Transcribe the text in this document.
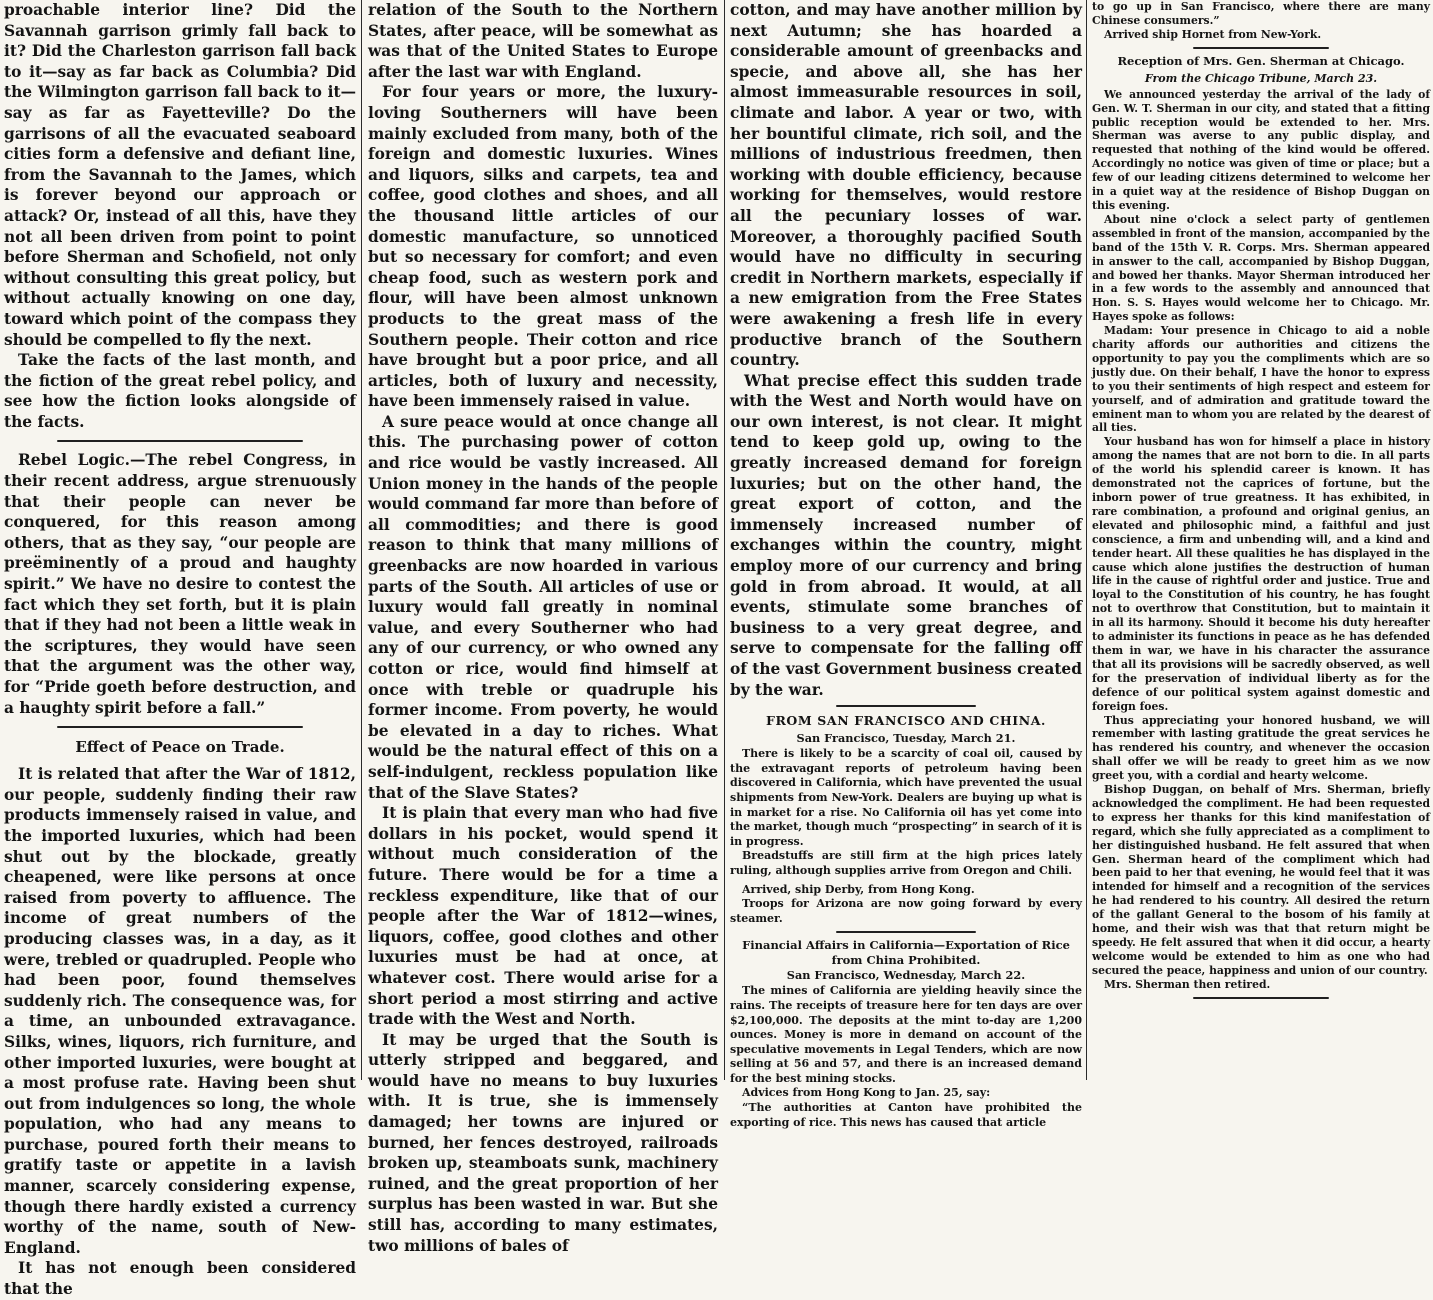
proachable interior line? Did the Savannah garrison grimly fall back to it? Did the Charleston garrison fall back to it—say as far back as Columbia? Did the Wilmington garrison fall back to it—say as far as Fayetteville? Do the garrisons of all the evacuated seaboard cities form a defensive and defiant line, from the Savannah to the James, which is forever beyond our approach or attack? Or, instead of all this, have they not all been driven from point to point before Sherman and Schofield, not only without consulting this great policy, but without actually knowing on one day, toward which point of the compass they should be compelled to fly the next.

Take the facts of the last month, and the fiction of the great rebel policy, and see how the fiction looks alongside of the facts.

Rebel Logic.—The rebel Congress, in their recent address, argue strenuously that their people can never be conquered, for this reason among others, that as they say, “our people are preëminently of a proud and haughty spirit.” We have no desire to contest the fact which they set forth, but it is plain that if they had not been a little weak in the scriptures, they would have seen that the argument was the other way, for “Pride goeth before destruction, and a haughty spirit before a fall.”

Effect of Peace on Trade.

It is related that after the War of 1812, our people, suddenly finding their raw products immensely raised in value, and the imported luxuries, which had been shut out by the blockade, greatly cheapened, were like persons at once raised from poverty to affluence. The income of great numbers of the producing classes was, in a day, as it were, trebled or quadrupled. People who had been poor, found themselves suddenly rich. The consequence was, for a time, an unbounded extravagance. Silks, wines, liquors, rich furniture, and other imported luxuries, were bought at a most profuse rate. Having been shut out from indulgences so long, the whole population, who had any means to purchase, poured forth their means to gratify taste or appetite in a lavish manner, scarcely considering expense, though there hardly existed a currency worthy of the name, south of New-England.

It has not enough been considered that the

relation of the South to the Northern States, after peace, will be somewhat as was that of the United States to Europe after the last war with England.

For four years or more, the luxury-loving Southerners will have been mainly excluded from many, both of the foreign and domestic luxuries. Wines and liquors, silks and carpets, tea and coffee, good clothes and shoes, and all the thousand little articles of our domestic manufacture, so unnoticed but so necessary for comfort; and even cheap food, such as western pork and flour, will have been almost unknown products to the great mass of the Southern people. Their cotton and rice have brought but a poor price, and all articles, both of luxury and necessity, have been immensely raised in value.

A sure peace would at once change all this. The purchasing power of cotton and rice would be vastly increased. All Union money in the hands of the people would command far more than before of all commodities; and there is good reason to think that many millions of greenbacks are now hoarded in various parts of the South. All articles of use or luxury would fall greatly in nominal value, and every Southerner who had any of our currency, or who owned any cotton or rice, would find himself at once with treble or quadruple his former income. From poverty, he would be elevated in a day to riches. What would be the natural effect of this on a self-indulgent, reckless population like that of the Slave States?

It is plain that every man who had five dollars in his pocket, would spend it without much consideration of the future. There would be for a time a reckless expenditure, like that of our people after the War of 1812—wines, liquors, coffee, good clothes and other luxuries must be had at once, at whatever cost. There would arise for a short period a most stirring and active trade with the West and North.

It may be urged that the South is utterly stripped and beggared, and would have no means to buy luxuries with. It is true, she is immensely damaged; her towns are injured or burned, her fences destroyed, railroads broken up, steamboats sunk, machinery ruined, and the great proportion of her surplus has been wasted in war. But she still has, according to many estimates, two millions of bales of

cotton, and may have another million by next Autumn; she has hoarded a considerable amount of greenbacks and specie, and above all, she has her almost immeasurable resources in soil, climate and labor. A year or two, with her bountiful climate, rich soil, and the millions of industrious freedmen, then working with double efficiency, because working for themselves, would restore all the pecuniary losses of war. Moreover, a thoroughly pacified South would have no difficulty in securing credit in Northern markets, especially if a new emigration from the Free States were awakening a fresh life in every productive branch of the Southern country.

What precise effect this sudden trade with the West and North would have on our own interest, is not clear. It might tend to keep gold up, owing to the greatly increased demand for foreign luxuries; but on the other hand, the great export of cotton, and the immensely increased number of exchanges within the country, might employ more of our currency and bring gold in from abroad. It would, at all events, stimulate some branches of business to a very great degree, and serve to compensate for the falling off of the vast Government business created by the war.

FROM SAN FRANCISCO AND CHINA.
San Francisco, Tuesday, March 21.

There is likely to be a scarcity of coal oil, caused by the extravagant reports of petroleum having been discovered in California, which have prevented the usual shipments from New-York. Dealers are buying up what is in market for a rise. No California oil has yet come into the market, though much “prospecting” in search of it is in progress.

Breadstuffs are still firm at the high prices lately ruling, although supplies arrive from Oregon and Chili.

Arrived, ship Derby, from Hong Kong.

Troops for Arizona are now going forward by every steamer.

Financial Affairs in California—Exportation of Rice from China Prohibited.
San Francisco, Wednesday, March 22.

The mines of California are yielding heavily since the rains. The receipts of treasure here for ten days are over $2,100,000. The deposits at the mint to-day are 1,200 ounces. Money is more in demand on account of the speculative movements in Legal Tenders, which are now selling at 56 and 57, and there is an increased demand for the best mining stocks.

Advices from Hong Kong to Jan. 25, say:

“The authorities at Canton have prohibited the exporting of rice. This news has caused that article

to go up in San Francisco, where there are many Chinese consumers.”

Arrived ship Hornet from New-York.

Reception of Mrs. Gen. Sherman at Chicago.
From the Chicago Tribune, March 23.

We announced yesterday the arrival of the lady of Gen. W. T. Sherman in our city, and stated that a fitting public reception would be extended to her. Mrs. Sherman was averse to any public display, and requested that nothing of the kind would be offered. Accordingly no notice was given of time or place; but a few of our leading citizens determined to welcome her in a quiet way at the residence of Bishop Duggan on this evening.

About nine o'clock a select party of gentlemen assembled in front of the mansion, accompanied by the band of the 15th V. R. Corps. Mrs. Sherman appeared in answer to the call, accompanied by Bishop Duggan, and bowed her thanks. Mayor Sherman introduced her in a few words to the assembly and announced that Hon. S. S. Hayes would welcome her to Chicago. Mr. Hayes spoke as follows:

Madam: Your presence in Chicago to aid a noble charity affords our authorities and citizens the opportunity to pay you the compliments which are so justly due. On their behalf, I have the honor to express to you their sentiments of high respect and esteem for yourself, and of admiration and gratitude toward the eminent man to whom you are related by the dearest of all ties.

Your husband has won for himself a place in history among the names that are not born to die. In all parts of the world his splendid career is known. It has demonstrated not the caprices of fortune, but the inborn power of true greatness. It has exhibited, in rare combination, a profound and original genius, an elevated and philosophic mind, a faithful and just conscience, a firm and unbending will, and a kind and tender heart. All these qualities he has displayed in the cause which alone justifies the destruction of human life in the cause of rightful order and justice. True and loyal to the Constitution of his country, he has fought not to overthrow that Constitution, but to maintain it in all its harmony. Should it become his duty hereafter to administer its functions in peace as he has defended them in war, we have in his character the assurance that all its provisions will be sacredly observed, as well for the preservation of individual liberty as for the defence of our political system against domestic and foreign foes.

Thus appreciating your honored husband, we will remember with lasting gratitude the great services he has rendered his country, and whenever the occasion shall offer we will be ready to greet him as we now greet you, with a cordial and hearty welcome.

Bishop Duggan, on behalf of Mrs. Sherman, briefly acknowledged the compliment. He had been requested to express her thanks for this kind manifestation of regard, which she fully appreciated as a compliment to her distinguished husband. He felt assured that when Gen. Sherman heard of the compliment which had been paid to her that evening, he would feel that it was intended for himself and a recognition of the services he had rendered to his country. All desired the return of the gallant General to the bosom of his family at home, and their wish was that that return might be speedy. He felt assured that when it did occur, a hearty welcome would be extended to him as one who had secured the peace, happiness and union of our country.

Mrs. Sherman then retired.
